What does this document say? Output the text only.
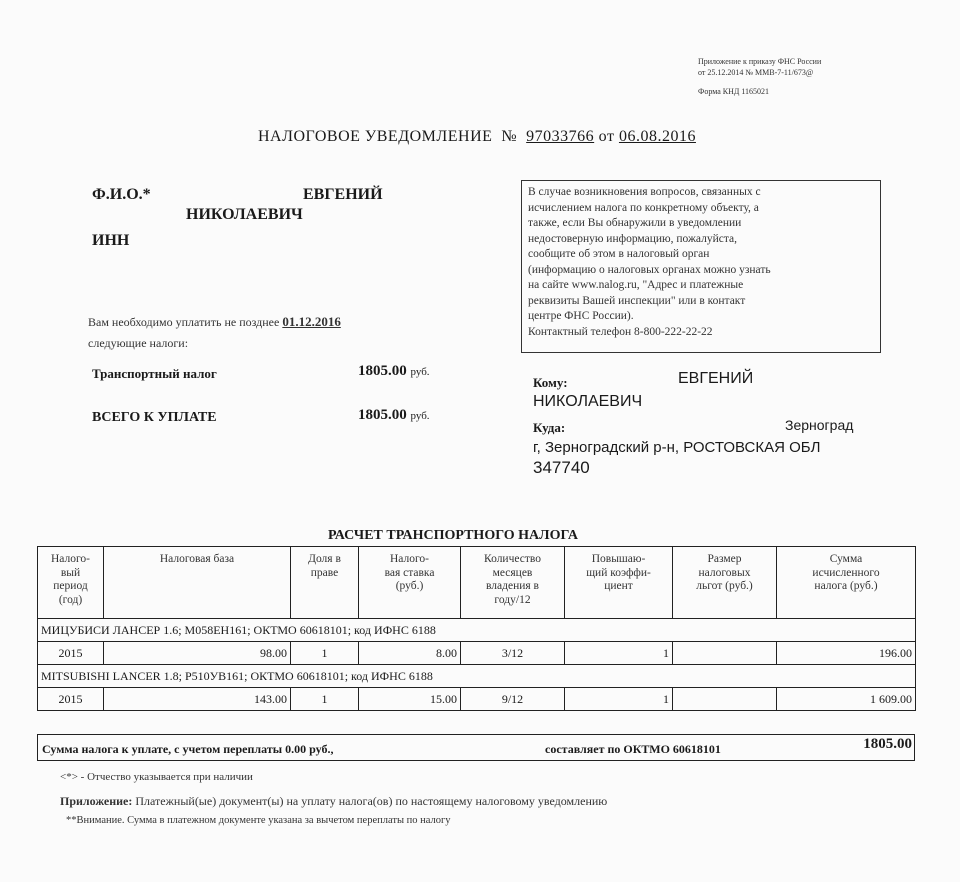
Приложение к приказу ФНС России
от 25.12.2014 № ММВ-7-11/673@
Форма КНД 1165021
НАЛОГОВОЕ УВЕДОМЛЕНИЕ № 97033766 от 06.08.2016
Ф.И.О.*	ЕВГЕНИЙ
НИКОЛАЕВИЧ
ИНН
В случае возникновения вопросов, связанных с
исчислением налога по конкретному объекту, а
также, если Вы обнаружили в уведомлении
недостоверную информацию, пожалуйста,
сообщите об этом в налоговый орган
(информацию о налоговых органах можно узнать
на сайте www.nalog.ru, "Адрес и платежные
реквизиты Вашей инспекции" или в контакт
центре ФНС России).
Контактный телефон 8-800-222-22-22
Вам необходимо уплатить не позднее 01.12.2016
следующие налоги:
Транспортный налог	1805.00 руб.
ВСЕГО К УПЛАТЕ	1805.00 руб.
Кому:	ЕВГЕНИЙ
НИКОЛАЕВИЧ
Куда:	Зерноград
г, Зерноградский р-н, РОСТОВСКАЯ ОБЛ
347740
РАСЧЕТ ТРАНСПОРТНОГО НАЛОГА
Налого-
вый
период
(год)	Налоговая база	Доля в
праве	Налого-
вая ставка
(руб.)	Количество
месяцев
владения в
году/12	Повышаю-
щий коэффи-
циент	Размер
налоговых
льгот (руб.)	Сумма
исчисленного
налога (руб.)
МИЦУБИСИ ЛАНСЕР 1.6; М058ЕН161; ОКТМО 60618101; код ИФНС 6188							
2015	98.00	1	8.00	3/12	1		196.00
MITSUBISHI LANCER 1.8; Р510УВ161; ОКТМО 60618101; код ИФНС 6188							
2015	143.00	1	15.00	9/12	1		1 609.00
Сумма налога к уплате, с учетом переплаты 0.00 руб.,	составляет по ОКТМО 60618101	1805.00
<*> - Отчество указывается при наличии
Приложение: Платежный(ые) документ(ы) на уплату налога(ов) по настоящему налоговому уведомлению
**Внимание. Сумма в платежном документе указана за вычетом переплаты по налогу
